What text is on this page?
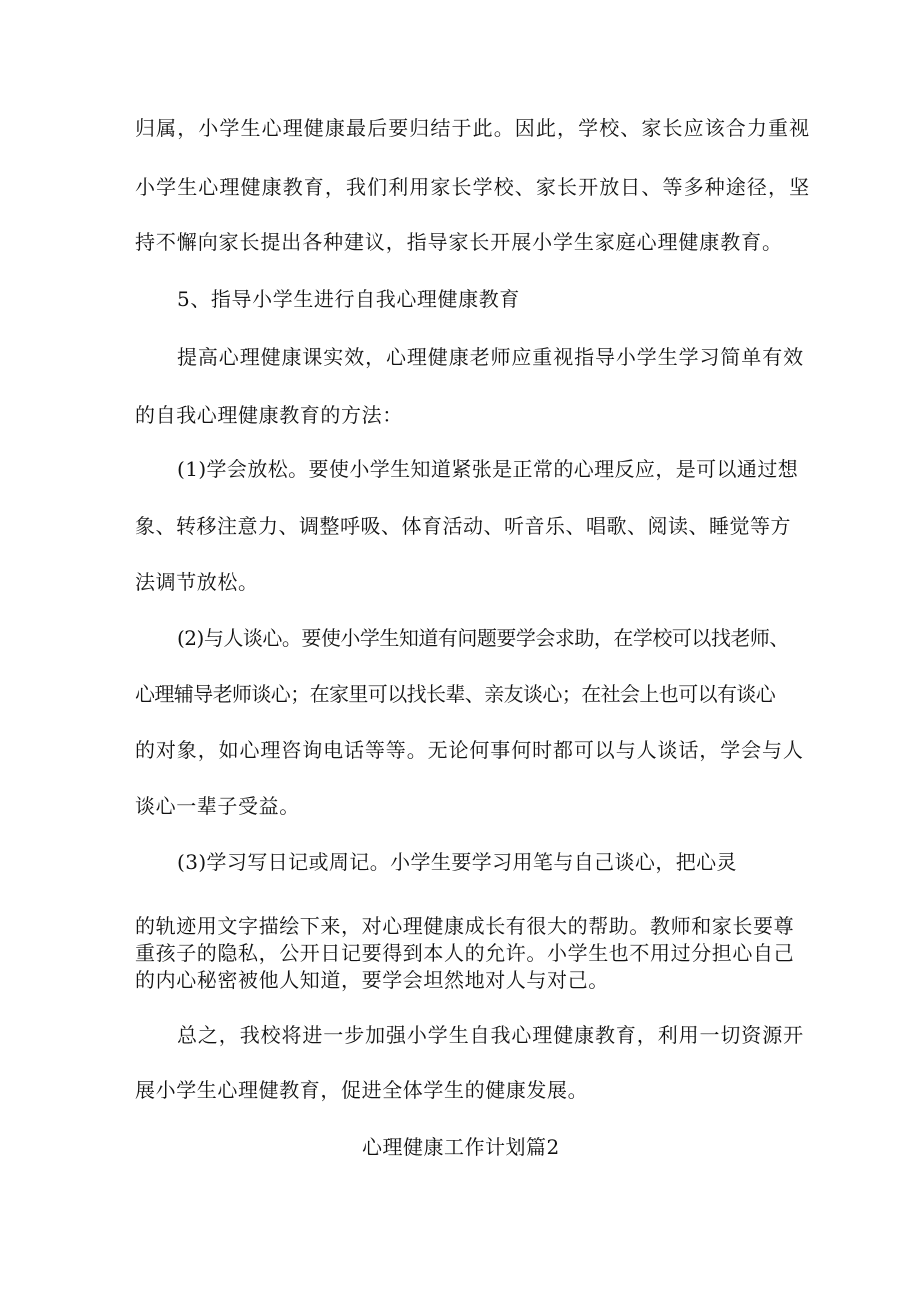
归属，小学生心理健康最后要归结于此。因此，学校、家长应该合力重视
小学生心理健康教育，我们利用家长学校、家长开放日、等多种途径，坚
持不懈向家长提出各种建议，指导家长开展小学生家庭心理健康教育。
5、指导小学生进行自我心理健康教育
提高心理健康课实效，心理健康老师应重视指导小学生学习简单有效
的自我心理健康教育的方法：
(1)学会放松。要使小学生知道紧张是正常的心理反应，是可以通过想
象、转移注意力、调整呼吸、体育活动、听音乐、唱歌、阅读、睡觉等方
法调节放松。
(2)与人谈心。要使小学生知道有问题要学会求助，在学校可以找老师、
心理辅导老师谈心；在家里可以找长辈、亲友谈心；在社会上也可以有谈心
的对象，如心理咨询电话等等。无论何事何时都可以与人谈话，学会与人
谈心一辈子受益。
(3)学习写日记或周记。小学生要学习用笔与自己谈心，把心灵
的轨迹用文字描绘下来，对心理健康成长有很大的帮助。教师和家长要尊
重孩子的隐私，公开日记要得到本人的允许。小学生也不用过分担心自己
的内心秘密被他人知道，要学会坦然地对人与对己。
总之，我校将进一步加强小学生自我心理健康教育，利用一切资源开
展小学生心理健教育，促进全体学生的健康发展。
心理健康工作计划篇2
